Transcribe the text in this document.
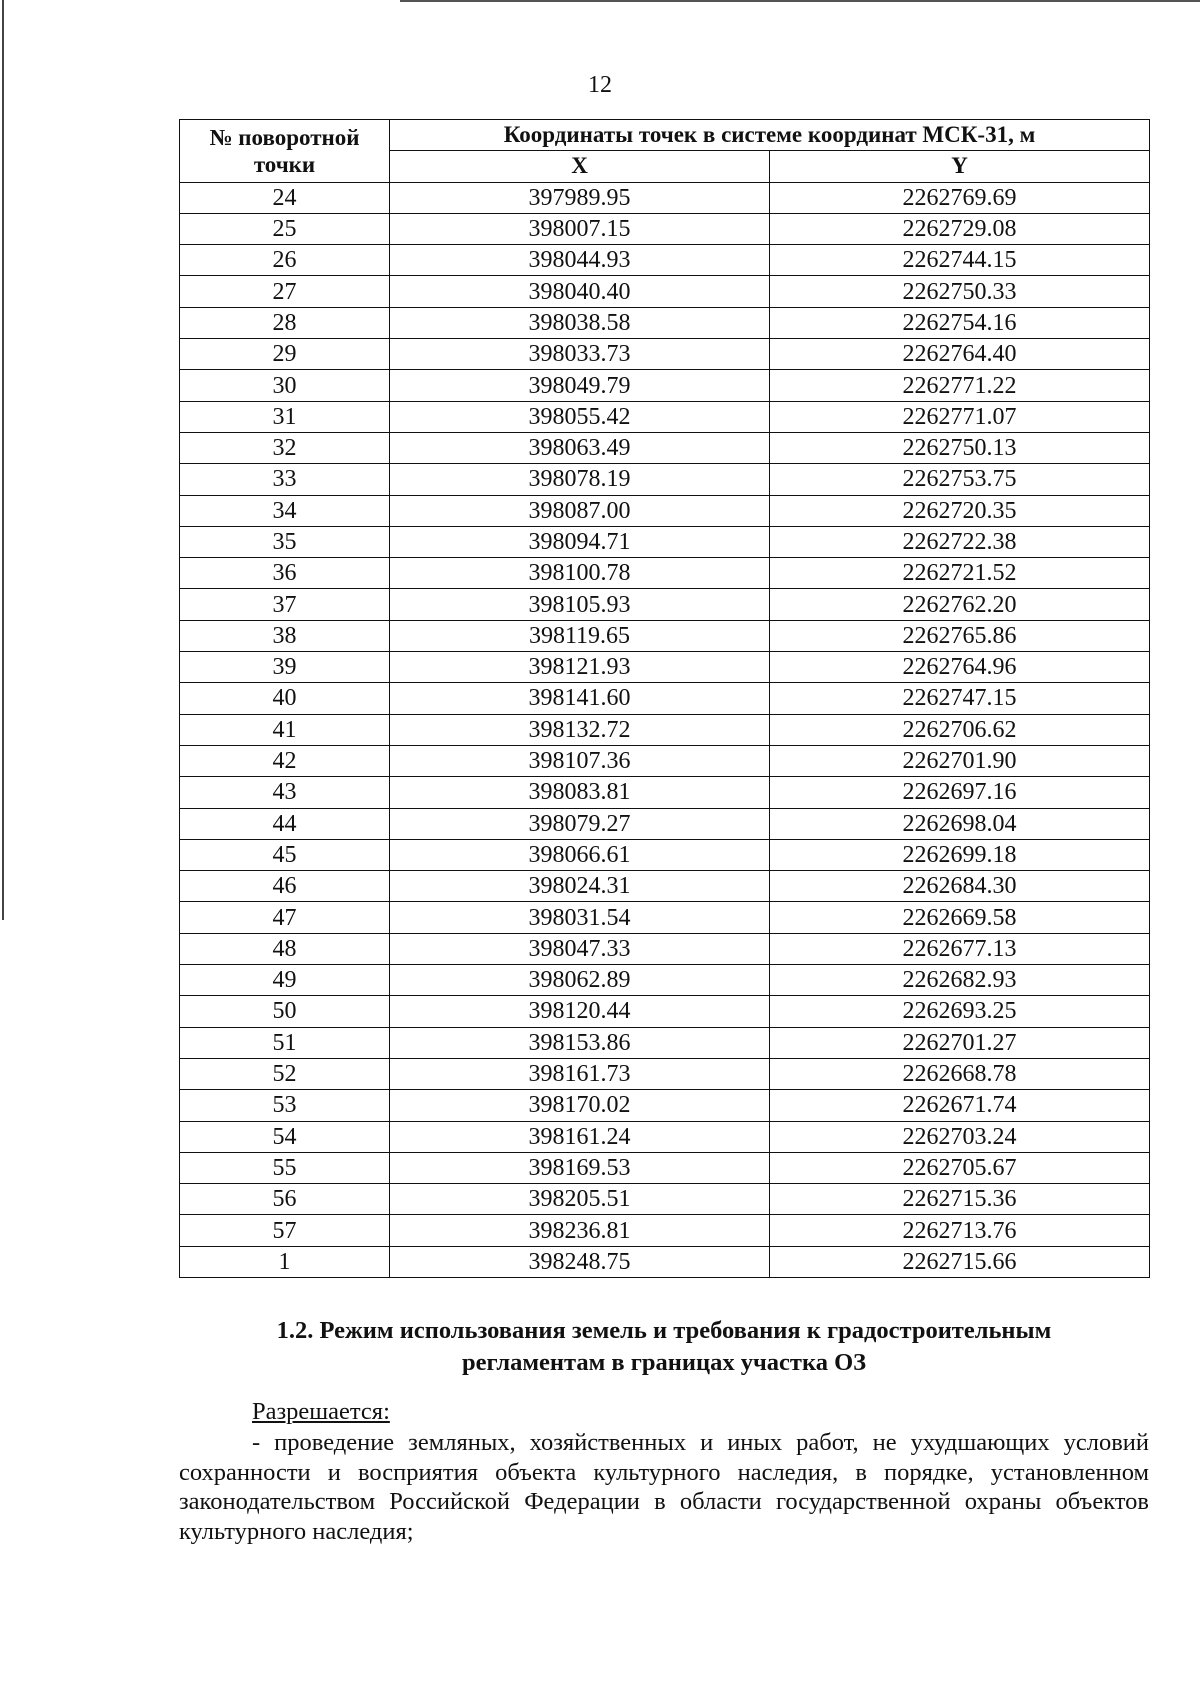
12
№ поворотной точки	Координаты точек в системе координат МСК-31, м	
	X	Y
24	397989.95	2262769.69
25	398007.15	2262729.08
26	398044.93	2262744.15
27	398040.40	2262750.33
28	398038.58	2262754.16
29	398033.73	2262764.40
30	398049.79	2262771.22
31	398055.42	2262771.07
32	398063.49	2262750.13
33	398078.19	2262753.75
34	398087.00	2262720.35
35	398094.71	2262722.38
36	398100.78	2262721.52
37	398105.93	2262762.20
38	398119.65	2262765.86
39	398121.93	2262764.96
40	398141.60	2262747.15
41	398132.72	2262706.62
42	398107.36	2262701.90
43	398083.81	2262697.16
44	398079.27	2262698.04
45	398066.61	2262699.18
46	398024.31	2262684.30
47	398031.54	2262669.58
48	398047.33	2262677.13
49	398062.89	2262682.93
50	398120.44	2262693.25
51	398153.86	2262701.27
52	398161.73	2262668.78
53	398170.02	2262671.74
54	398161.24	2262703.24
55	398169.53	2262705.67
56	398205.51	2262715.36
57	398236.81	2262713.76
1	398248.75	2262715.66
1.2. Режим использования земель и требования к градостроительным
регламентам в границах участка ОЗ
Разрешается:
- проведение земляных, хозяйственных и иных работ, не ухудшающих условий сохранности и восприятия объекта культурного наследия, в порядке, установленном законодательством Российской Федерации в области государственной охраны объектов культурного наследия;
